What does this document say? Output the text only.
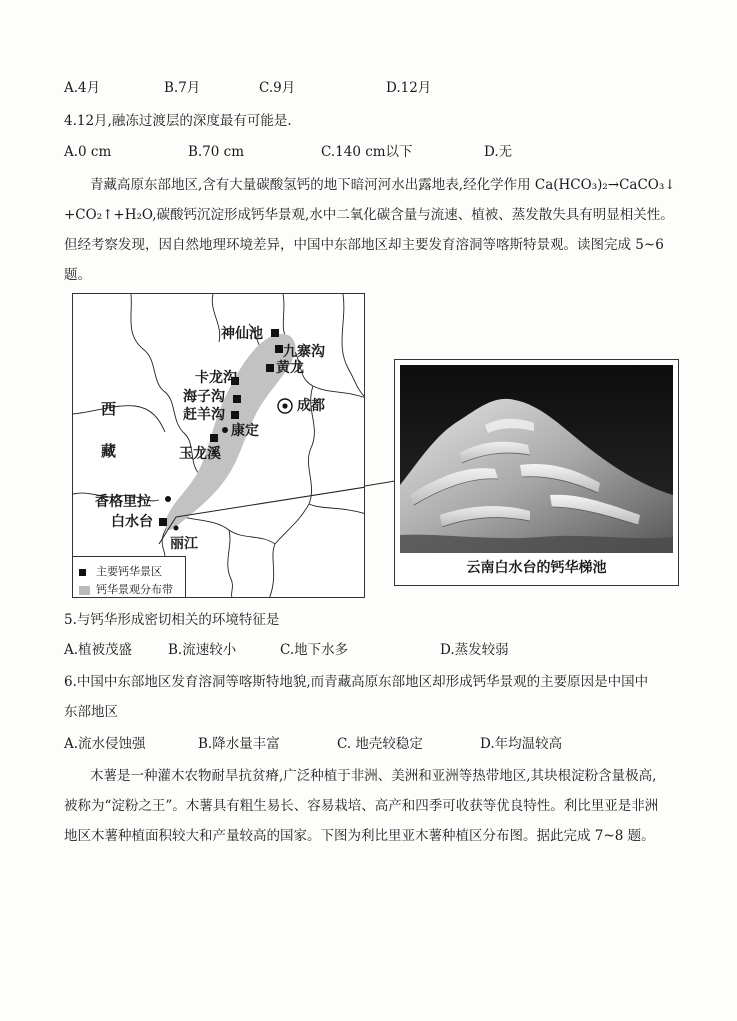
A.4月	B.7月	C.9月	D.12月
4.12月,融冻过渡层的深度最有可能是.
A.0 cm	B.70 cm	C.140 cm以下	D.无
青藏高原东部地区,含有大量碳酸氢钙的地下暗河河水出露地表,经化学作用 Ca(HCO₃)₂→CaCO₃↓
+CO₂↑+H₂O,碳酸钙沉淀形成钙华景观,水中二氧化碳含量与流速、植被、蒸发散失具有明显相关性。
但经考察发现，因自然地理环境差异，中国中东部地区却主要发育溶洞等喀斯特景观。读图完成 5~6
题。
神仙池
九寨沟
黄龙
卡龙沟
海子沟
赶羊沟
康定
玉龙溪
成都
西
藏
香格里拉
白水台
丽江
主要钙华景区
钙华景观分布带
云南白水台的钙华梯池
5.与钙华形成密切相关的环境特征是
A.植被茂盛	B.流速较小	C.地下水多	D.蒸发较弱
6.中国中东部地区发育溶洞等喀斯特地貌,而青藏高原东部地区却形成钙华景观的主要原因是中国中
东部地区
A.流水侵蚀强	B.降水量丰富	C. 地壳较稳定	D.年均温较高
木薯是一种灌木农物耐旱抗贫瘠,广泛种植于非洲、美洲和亚洲等热带地区,其块根淀粉含量极高,
被称为“淀粉之王”。木薯具有粗生易长、容易栽培、高产和四季可收获等优良特性。利比里亚是非洲
地区木薯种植面积较大和产量较高的国家。下图为利比里亚木薯种植区分布图。据此完成 7~8 题。
